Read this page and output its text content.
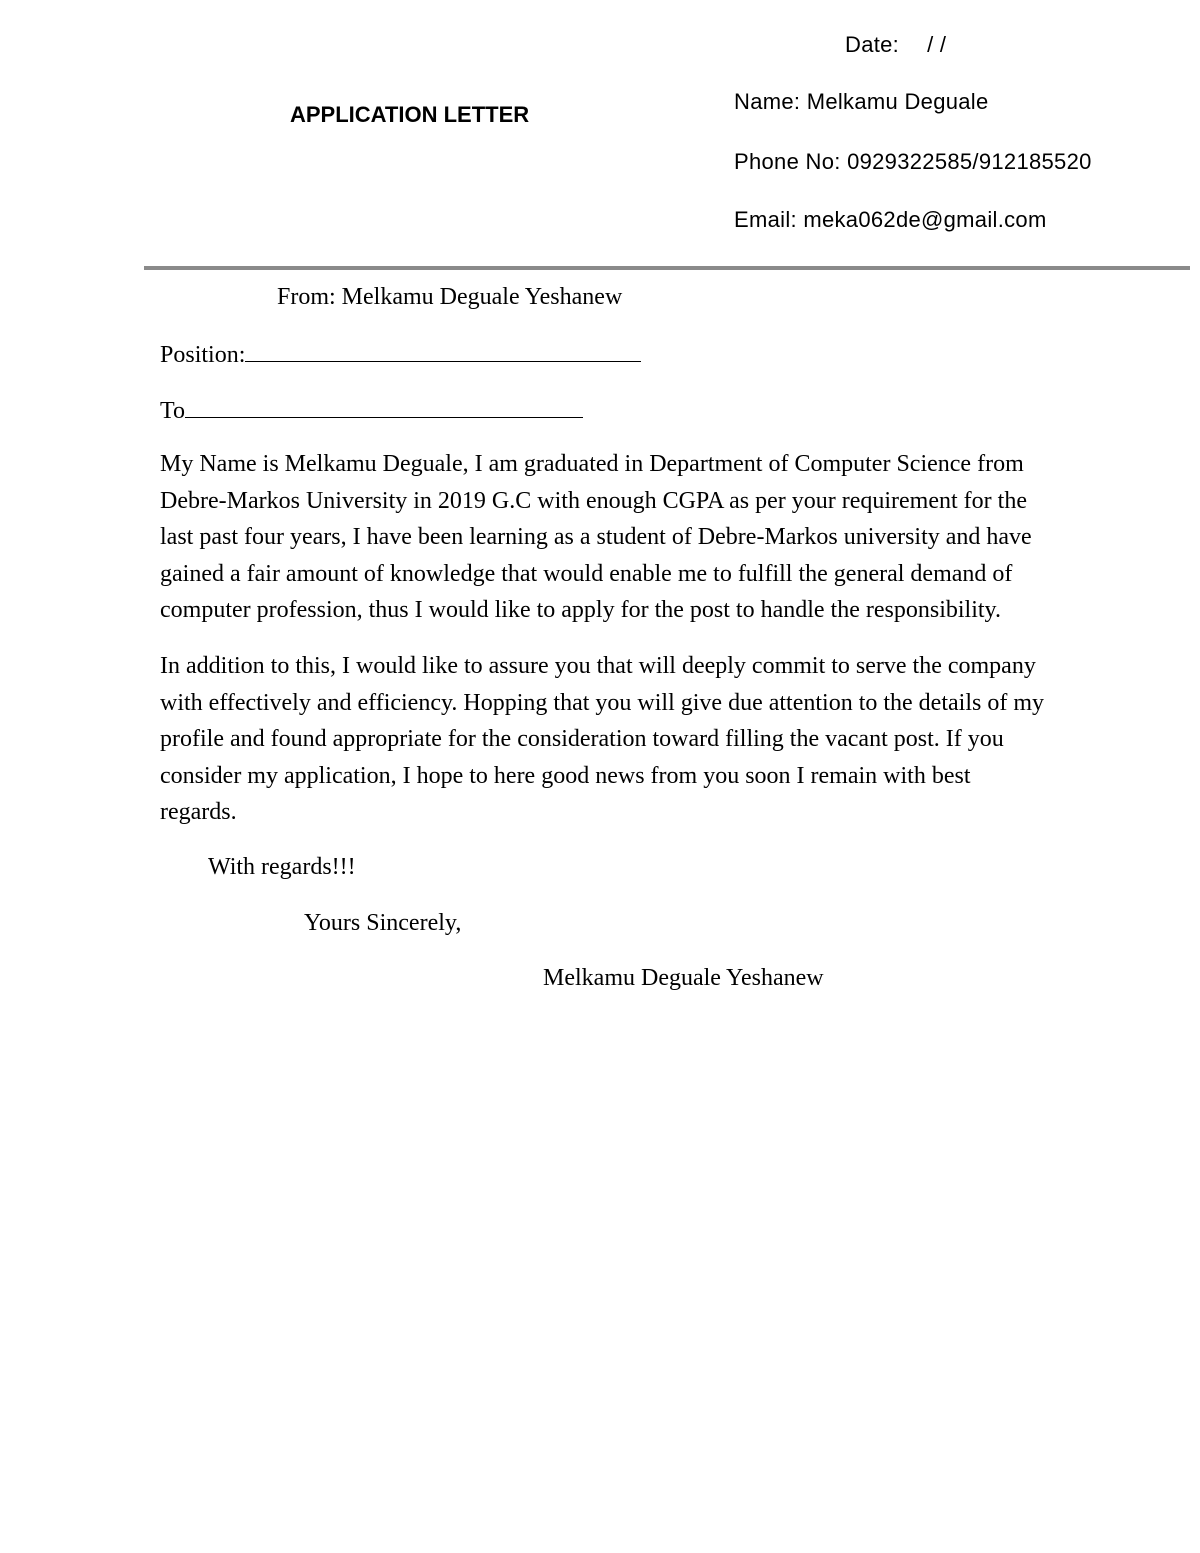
Date: / /
APPLICATION LETTER
Name: Melkamu Deguale
Phone No: 0929322585/912185520
Email: meka062de@gmail.com
From: Melkamu Deguale Yeshanew
Position:
To
My Name is Melkamu Deguale, I am graduated in Department of Computer Science from
Debre-Markos University in 2019 G.C with enough CGPA as per your requirement for the
last past four years, I have been learning as a student of Debre-Markos university and have
gained a fair amount of knowledge that would enable me to fulfill the general demand of
computer profession, thus I would like to apply for the post to handle the responsibility.
In addition to this, I would like to assure you that will deeply commit to serve the company
with effectively and efficiency. Hopping that you will give due attention to the details of my
profile and found appropriate for the consideration toward filling the vacant post. If you
consider my application, I hope to here good news from you soon I remain with best
regards.
With regards!!!
Yours Sincerely,
Melkamu Deguale Yeshanew
